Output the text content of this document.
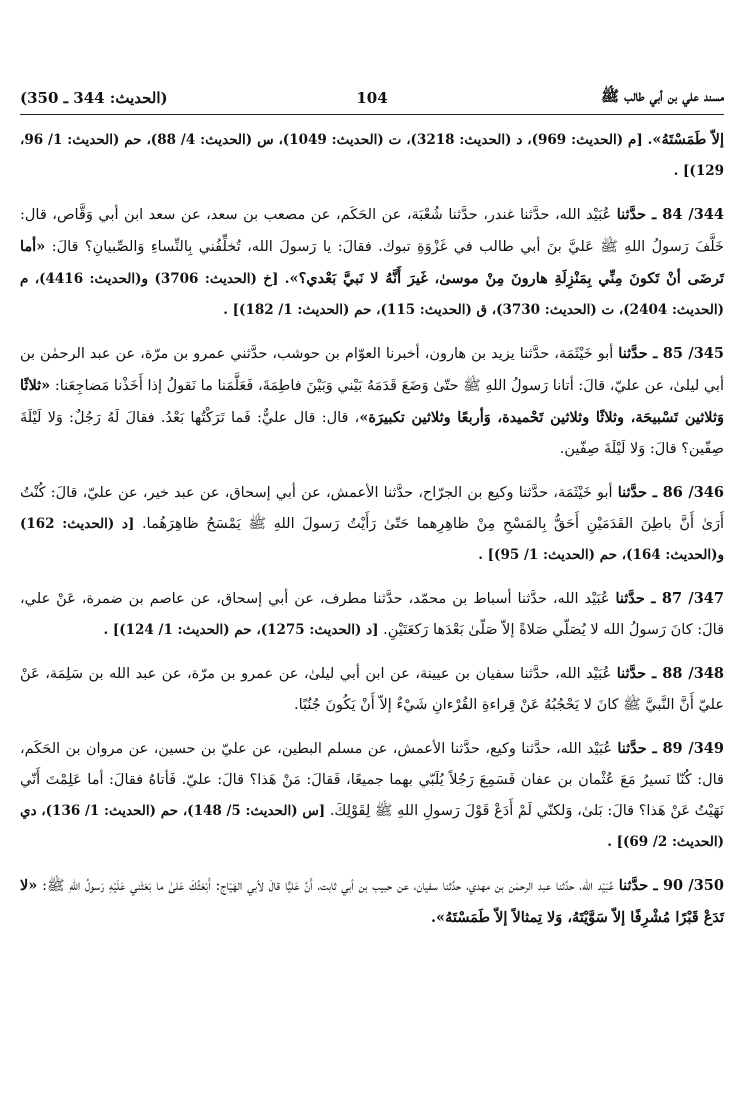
مسند علي بن أبي طالب ﷺ
104
(الحديث: 344 ـ 350)

إلاّ طَمَسْتَهُ». [م (الحديث: 969)، د (الحديث: 3218)، ت (الحديث: 1049)، س (الحديث: 4/ 88)، حم (الحديث: 1/ 96، 129)] .

344/ 84 ـ حدَّثنا عُبَيْد الله، حدَّثنا غندر، حدَّثنا شُعْبَة، عن الحَكَم، عن مصعب بن سعد، عن سعد ابن أبي وَقَّاص، قال: خَلَّفَ رَسولُ اللهِ ﷺ عَليَّ بنَ أبي طالب في غَزْوَةِ تبوك. فقالَ: يا رَسولَ الله، تُخلِّفُني بِالنِّساءِ وَالصِّبيانِ؟ قالَ: «أما تَرضَى أنْ تَكونَ مِنِّي بِمَنْزِلَةِ هارونَ مِنْ موسىٰ، غَيرَ أَنَّهُ لا نَبيَّ بَعْدي؟». [خ (الحديث: 3706) و(الحديث: 4416)، م (الحديث: 2404)، ت (الحديث: 3730)، ق (الحديث: 115)، حم (الحديث: 1/ 182)] .

345/ 85 ـ حدَّثنا أبو خَيْثَمَة، حدَّثنا يزيد بن هارون، أخبرنا العوّام بن حوشب، حدَّثني عمرو بن مرّة، عن عبد الرحمٰن بن أبي ليلىٰ، عن عليّ، قالَ: أتانا رَسولُ اللهِ ﷺ حتّىٰ وَضَعَ قَدَمَهُ بَيْني وَبَيْنَ فاطِمَةَ، فَعَلَّمَنا ما نَقولُ إذا أَخَذْنا مَضاجِعَنا: «ثلاثًا وَثلاثين تَسْبيحَة، وثلاثًا وثلاثين تَحْميدة، وَأربعًا وثلاثين تكبيرَة»، قال: قال عليٌّ: فَما تَرَكْتُها بَعْدُ. فقالَ لَهُ رَجُلٌ: وَلا لَيْلَةَ صِفّين؟ قالَ: وَلا لَيْلَةَ صِفّين.

346/ 86 ـ حدَّثنا أبو خَيْثَمَة، حدَّثنا وكيع بن الجرّاح، حدَّثنا الأعمش، عن أبي إسحاق، عن عبد خير، عن عليّ، قالَ: كُنْتُ أَرَىٰ أَنَّ باطِنَ القَدَمَيْنِ أَحَقُّ بِالمَسْحِ مِنْ ظاهِرِهما حَتّىٰ رَأَيْتُ رَسولَ اللهِ ﷺ يَمْسَحُ ظاهِرَهُما. [د (الحديث: 162) و(الحديث: 164)، حم (الحديث: 1/ 95)] .

347/ 87 ـ حدَّثنا عُبَيْد الله، حدَّثنا أسباط بن محمّد، حدَّثنا مطرف، عن أبي إسحاق، عن عاصم بن ضمرة، عَنْ علي، قالَ: كانَ رَسولُ الله لا يُصَلّي صَلاةً إلاّ صَلّىٰ بَعْدَها رَكعَتَيْنِ. [د (الحديث: 1275)، حم (الحديث: 1/ 124)] .

348/ 88 ـ حدَّثنا عُبَيْد الله، حدَّثنا سفيان بن عيينة، عن ابن أبي ليلىٰ، عن عمرو بن مرّة، عن عبد الله بن سَلِمَة، عَنْ عليّ أَنَّ النَّبيَّ ﷺ كانَ لا يَحْجُبُهُ عَنْ قِراءةِ القُرْءانِ شَيْءٌ إلاّ أَنْ يَكُونَ جُنُبًا.

349/ 89 ـ حدَّثنا عُبَيْد الله، حدَّثنا وكيع، حدَّثنا الأعمش، عن مسلم البطين، عن عليّ بن حسين، عن مروان بن الحَكَم، قال: كُنّا نَسيرُ مَعَ عُثْمان بن عفان فَسَمِعَ رَجُلاً يُلَبّي بهما جميعًا، فَقالَ: مَنْ هَذا؟ قالَ: عليّ. فَأتاهُ فقالَ: أما عَلِمْتَ أَنّي نَهَيْتُ عَنْ هَذا؟ قالَ: بَلىٰ، وَلكنّي لَمْ أَدَعْ قَوْلَ رَسولِ اللهِ ﷺ لِقَوْلِكَ. [س (الحديث: 5/ 148)، حم (الحديث: 1/ 136)، دي (الحديث: 2/ 69)] .

350/ 90 ـ حدَّثنا عُبَيْد الله، حدَّثنا عبد الرحمٰن بن مهدي، حدَّثنا سفيان، عن حبيب بن أبي ثابت، أَنَّ عَليًّا قالَ لأبي الهَيّاج: أَبْعَثُكَ عَلىٰ ما بَعَثَني عَلَيْهِ رَسولُ اللهِ ﷺ: «لا تَدَعْ قَبْرًا مُشْرِفًا إلاّ سَوَّيْتَهُ، وَلا تِمثالاً إلاّ طَمَسْتَهُ».
